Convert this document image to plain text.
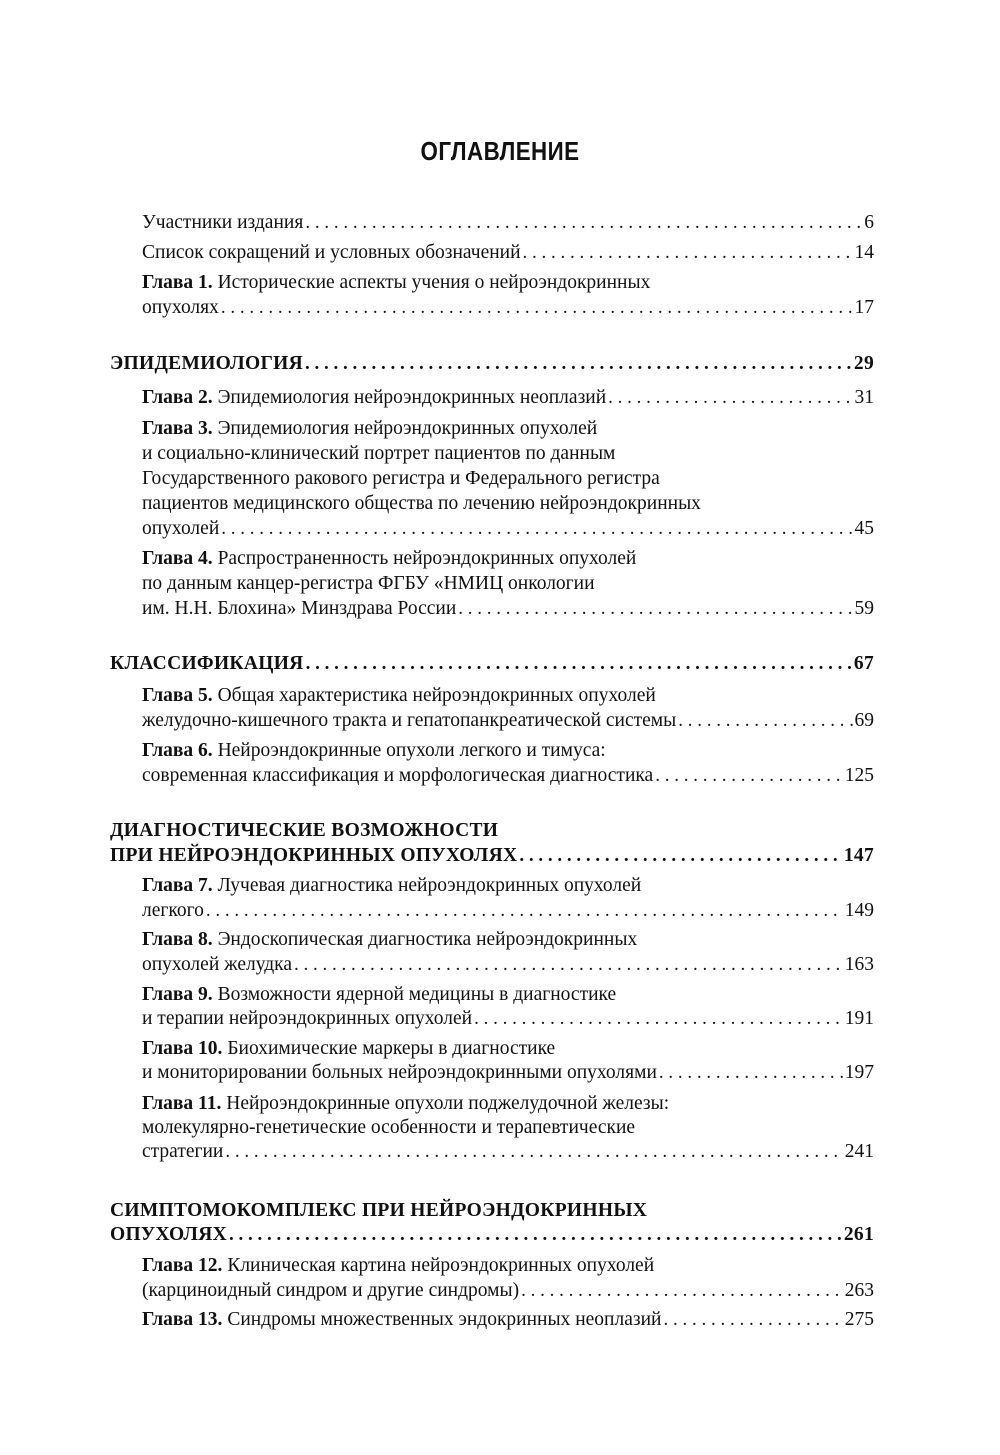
ОГЛАВЛЕНИЕ
Участники издания . . .	6
Список сокращений и условных обозначений . . .	14
Глава 1. Исторические аспекты учения о нейроэндокринных
опухолях . . .	17
ЭПИДЕМИОЛОГИЯ . . .	29
Глава 2. Эпидемиология нейроэндокринных неоплазий . . .	31
Глава 3. Эпидемиология нейроэндокринных опухолей
и социально-клинический портрет пациентов по данным
Государственного ракового регистра и Федерального регистра
пациентов медицинского общества по лечению нейроэндокринных
опухолей . . .	45
Глава 4. Распространенность нейроэндокринных опухолей
по данным канцер-регистра ФГБУ «НМИЦ онкологии
им. Н.Н. Блохина» Минздрава России . . .	59
КЛАССИФИКАЦИЯ . . .	67
Глава 5. Общая характеристика нейроэндокринных опухолей
желудочно-кишечного тракта и гепатопанкреатической системы . . .	69
Глава 6. Нейроэндокринные опухоли легкого и тимуса:
современная классификация и морфологическая диагностика . . .	125
ДИАГНОСТИЧЕСКИЕ ВОЗМОЖНОСТИ
ПРИ НЕЙРОЭНДОКРИННЫХ ОПУХОЛЯХ . . .	147
Глава 7. Лучевая диагностика нейроэндокринных опухолей
легкого . . .	149
Глава 8. Эндоскопическая диагностика нейроэндокринных
опухолей желудка . . .	163
Глава 9. Возможности ядерной медицины в диагностике
и терапии нейроэндокринных опухолей . . .	191
Глава 10. Биохимические маркеры в диагностике
и мониторировании больных нейроэндокринными опухолями . . .	197
Глава 11. Нейроэндокринные опухоли поджелудочной железы:
молекулярно-генетические особенности и терапевтические
стратегии . . .	241
СИМПТОМОКОМПЛЕКС ПРИ НЕЙРОЭНДОКРИННЫХ
ОПУХОЛЯХ . . .	261
Глава 12. Клиническая картина нейроэндокринных опухолей
(карциноидный синдром и другие синдромы) . . .	263
Глава 13. Синдромы множественных эндокринных неоплазий . . .	275
